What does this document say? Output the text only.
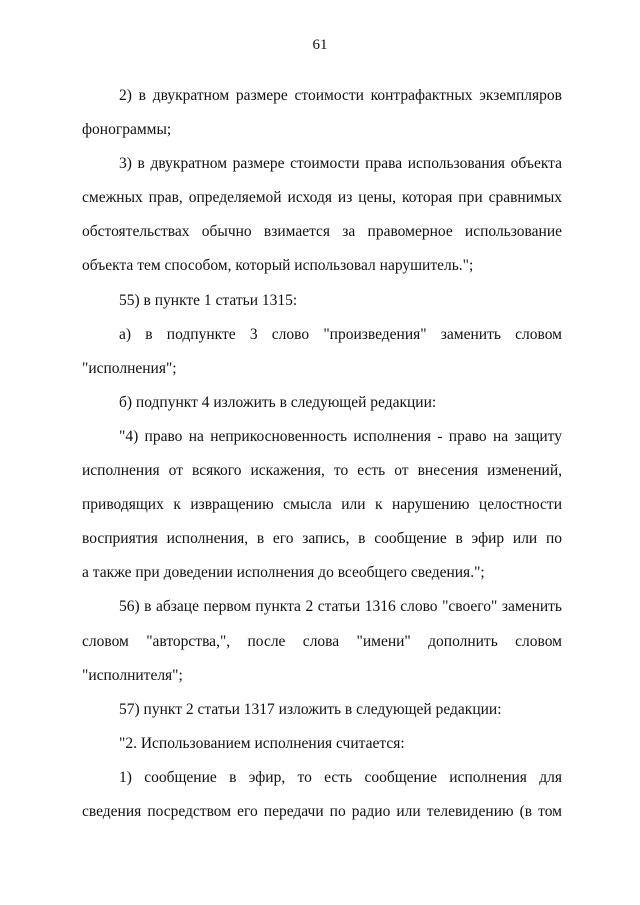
61
2) в двукратном размере стоимости контрафактных экземпляров
фонограммы;
3) в двукратном размере стоимости права использования объекта
смежных прав, определяемой исходя из цены, которая при сравнимых
обстоятельствах обычно взимается за правомерное использование
объекта тем способом, который использовал нарушитель.";
55) в пункте 1 статьи 1315:
а) в подпункте 3 слово "произведения" заменить словом
"исполнения";
б) подпункт 4 изложить в следующей редакции:
"4) право на неприкосновенность исполнения - право на защиту
исполнения от всякого искажения, то есть от внесения изменений,
приводящих к извращению смысла или к нарушению целостности
восприятия исполнения, в его запись, в сообщение в эфир или по
а также при доведении исполнения до всеобщего сведения.";
56) в абзаце первом пункта 2 статьи 1316 слово "своего" заменить
словом "авторства,", после слова "имени" дополнить словом
"исполнителя";
57) пункт 2 статьи 1317 изложить в следующей редакции:
"2. Использованием исполнения считается:
1) сообщение в эфир, то есть сообщение исполнения для
сведения посредством его передачи по радио или телевидению (в том
